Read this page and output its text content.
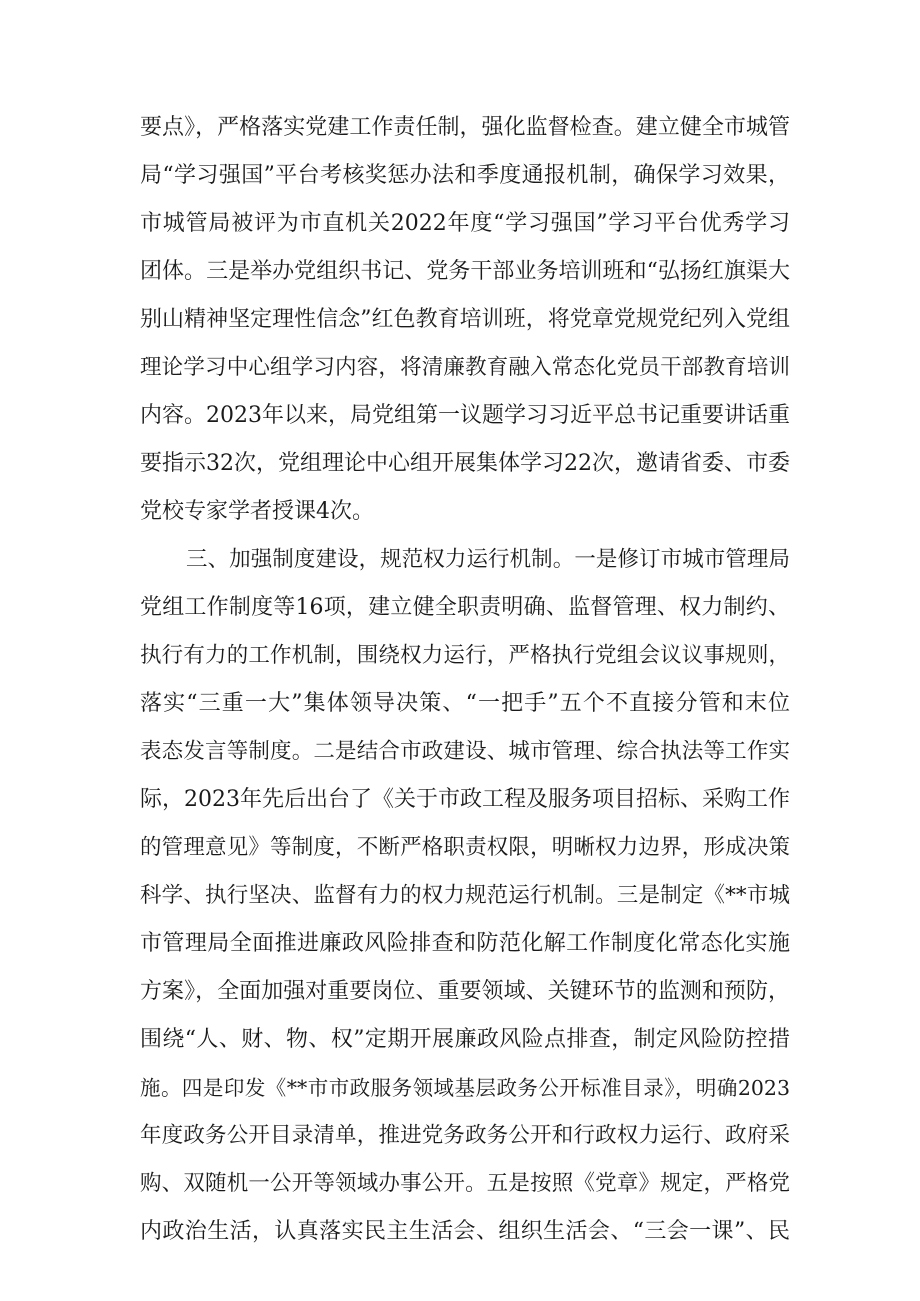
要点》，严格落实党建工作责任制，强化监督检查。建立健全市城管
局“学习强国”平台考核奖惩办法和季度通报机制，确保学习效果，
市城管局被评为市直机关2022年度“学习强国”学习平台优秀学习
团体。三是举办党组织书记、党务干部业务培训班和“弘扬红旗渠大
别山精神坚定理性信念”红色教育培训班，将党章党规党纪列入党组
理论学习中心组学习内容，将清廉教育融入常态化党员干部教育培训
内容。2023年以来，局党组第一议题学习习近平总书记重要讲话重
要指示32次，党组理论中心组开展集体学习22次，邀请省委、市委
党校专家学者授课4次。
三、加强制度建设，规范权力运行机制。一是修订市城市管理局
党组工作制度等16项，建立健全职责明确、监督管理、权力制约、
执行有力的工作机制，围绕权力运行，严格执行党组会议议事规则，
落实“三重一大”集体领导决策、“一把手”五个不直接分管和末位
表态发言等制度。二是结合市政建设、城市管理、综合执法等工作实
际，2023年先后出台了《关于市政工程及服务项目招标、采购工作
的管理意见》等制度，不断严格职责权限，明晰权力边界，形成决策
科学、执行坚决、监督有力的权力规范运行机制。三是制定《**市城
市管理局全面推进廉政风险排查和防范化解工作制度化常态化实施
方案》，全面加强对重要岗位、重要领域、关键环节的监测和预防，
围绕“人、财、物、权”定期开展廉政风险点排查，制定风险防控措
施。四是印发《**市市政服务领域基层政务公开标准目录》，明确2023
年度政务公开目录清单，推进党务政务公开和行政权力运行、政府采
购、双随机一公开等领域办事公开。五是按照《党章》规定，严格党
内政治生活，认真落实民主生活会、组织生活会、“三会一课”、民
